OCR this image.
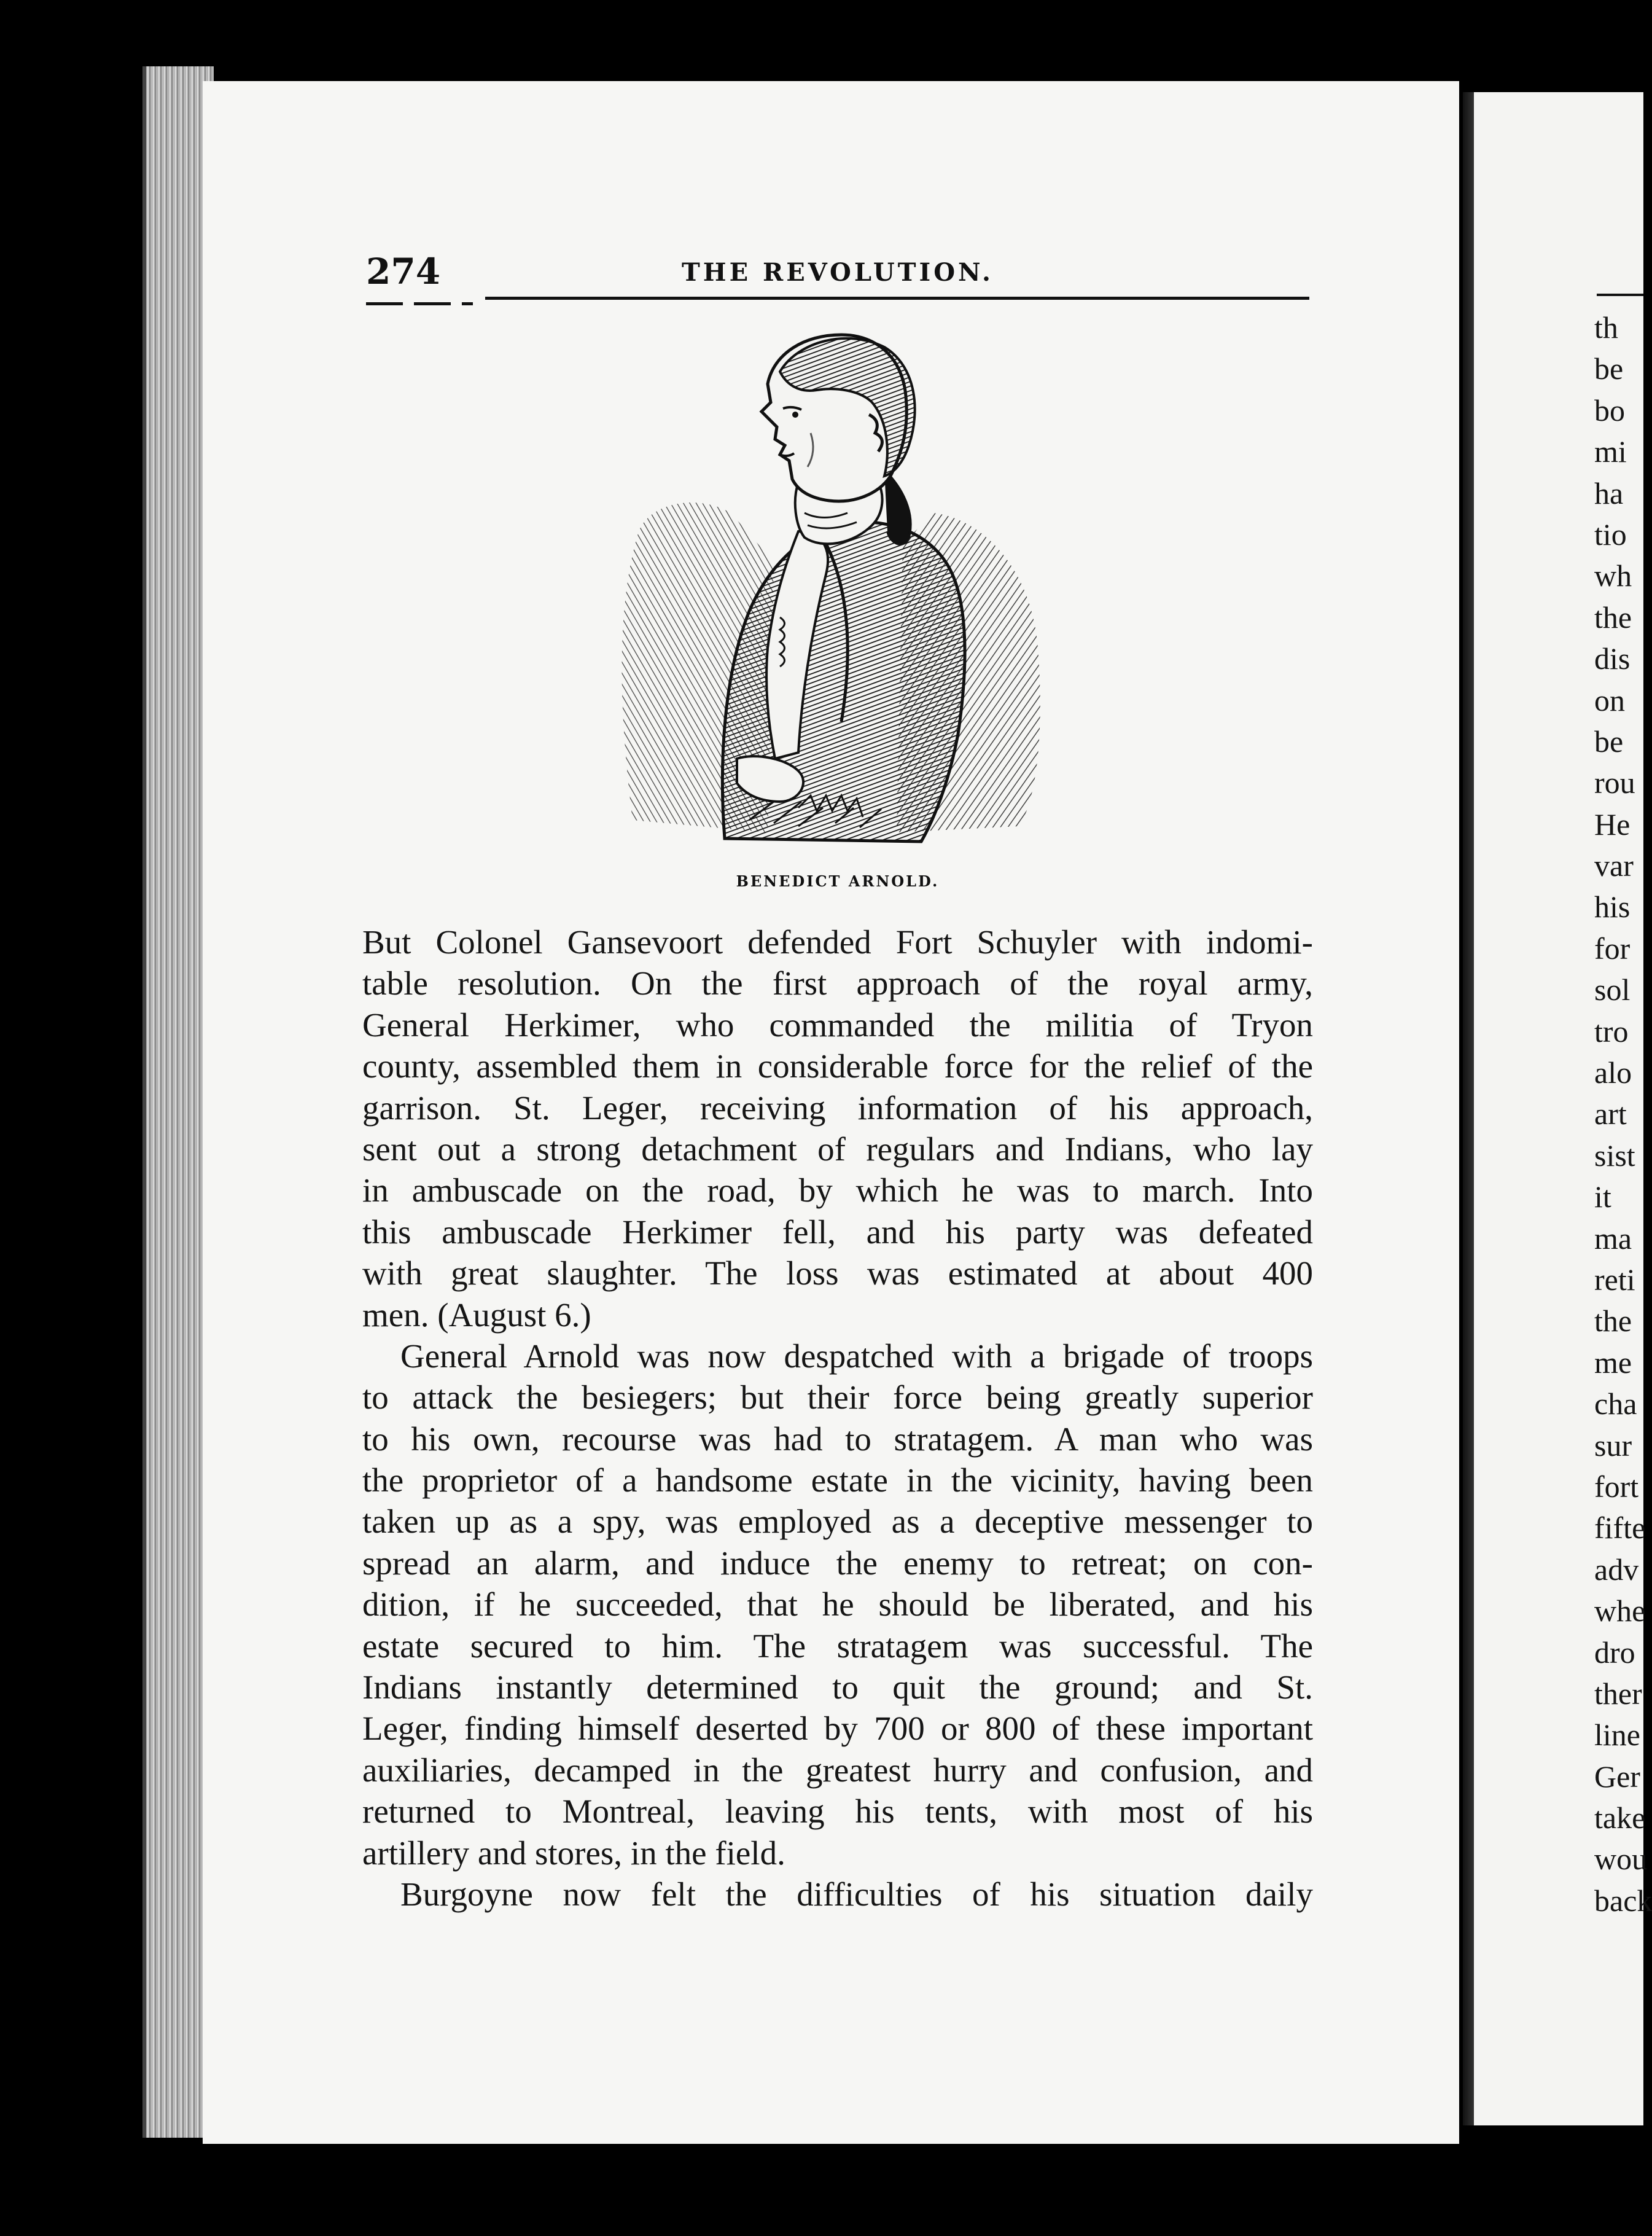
274	THE REVOLUTION.
BENEDICT ARNOLD.
But Colonel Gansevoort defended Fort Schuyler with indomi-
table resolution. On the first approach of the royal army,
General Herkimer, who commanded the militia of Tryon
county, assembled them in considerable force for the relief of the
garrison. St. Leger, receiving information of his approach,
sent out a strong detachment of regulars and Indians, who lay
in ambuscade on the road, by which he was to march. Into
this ambuscade Herkimer fell, and his party was defeated
with great slaughter. The loss was estimated at about 400
men. (August 6.)
General Arnold was now despatched with a brigade of troops
to attack the besiegers; but their force being greatly superior
to his own, recourse was had to stratagem. A man who was
the proprietor of a handsome estate in the vicinity, having been
taken up as a spy, was employed as a deceptive messenger to
spread an alarm, and induce the enemy to retreat; on con-
dition, if he succeeded, that he should be liberated, and his
estate secured to him. The stratagem was successful. The
Indians instantly determined to quit the ground; and St.
Leger, finding himself deserted by 700 or 800 of these important
auxiliaries, decamped in the greatest hurry and confusion, and
returned to Montreal, leaving his tents, with most of his
artillery and stores, in the field.
Burgoyne now felt the difficulties of his situation daily
th
be
bo
mi
ha
tio
wh
the
dis
on
be
rou
He
var
his
for
sol
tro
alo
art
sist
it
ma
reti
the
me
cha
sur
fort
fifte
adv
whe
dro
ther
line
Ger
take
wou
back
